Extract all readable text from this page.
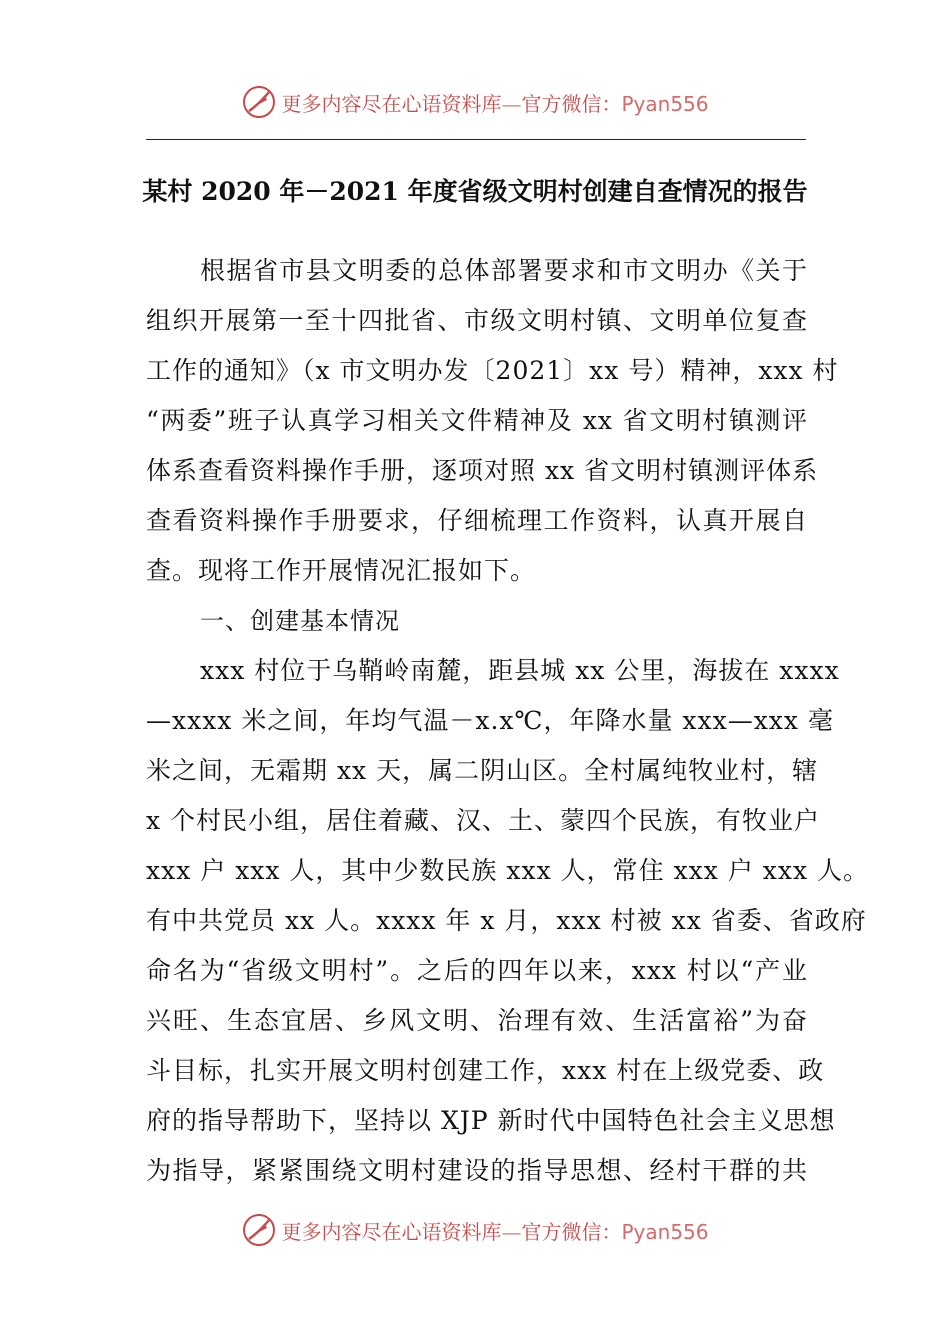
更多内容尽在心语资料库—官方微信：Pyan556
某村 2020 年－2021 年度省级文明村创建自查情况的报告
根据省市县文明委的总体部署要求和市文明办《关于
组织开展第一至十四批省、市级文明村镇、文明单位复查
工作的通知》（x 市文明办发〔2021〕xx 号）精神，xxx 村
“两委”班子认真学习相关文件精神及 xx 省文明村镇测评
体系查看资料操作手册，逐项对照 xx 省文明村镇测评体系
查看资料操作手册要求，仔细梳理工作资料，认真开展自
查。现将工作开展情况汇报如下。
一、创建基本情况
xxx 村位于乌鞘岭南麓，距县城 xx 公里，海拔在 xxxx
—xxxx 米之间，年均气温－x.x℃，年降水量 xxx—xxx 毫
米之间，无霜期 xx 天，属二阴山区。全村属纯牧业村，辖
x 个村民小组，居住着藏、汉、土、蒙四个民族，有牧业户
xxx 户 xxx 人，其中少数民族 xxx 人，常住 xxx 户 xxx 人。
有中共党员 xx 人。xxxx 年 x 月，xxx 村被 xx 省委、省政府
命名为“省级文明村”。之后的四年以来，xxx 村以“产业
兴旺、生态宜居、乡风文明、治理有效、生活富裕”为奋
斗目标，扎实开展文明村创建工作，xxx 村在上级党委、政
府的指导帮助下，坚持以 XJP 新时代中国特色社会主义思想
为指导，紧紧围绕文明村建设的指导思想、经村干群的共
更多内容尽在心语资料库—官方微信：Pyan556
